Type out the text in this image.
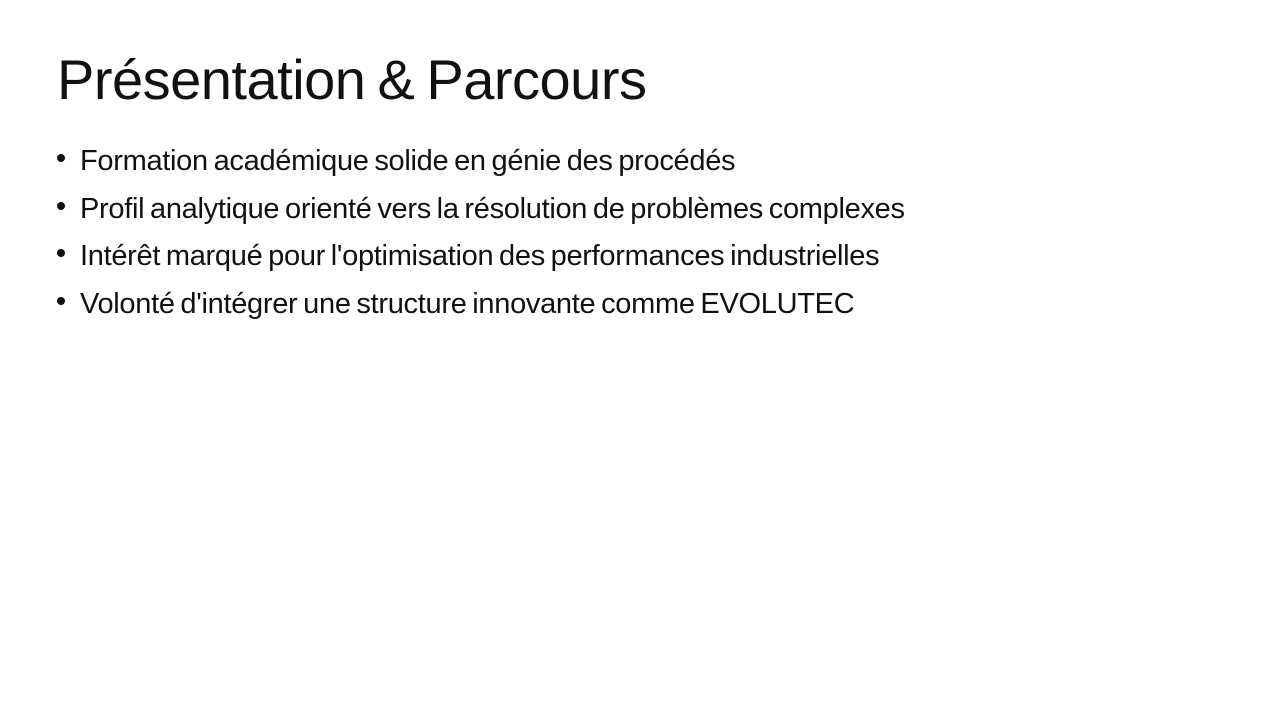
Présentation & Parcours
Formation académique solide en génie des procédés
Profil analytique orienté vers la résolution de problèmes complexes
Intérêt marqué pour l'optimisation des performances industrielles
Volonté d'intégrer une structure innovante comme EVOLUTEC
